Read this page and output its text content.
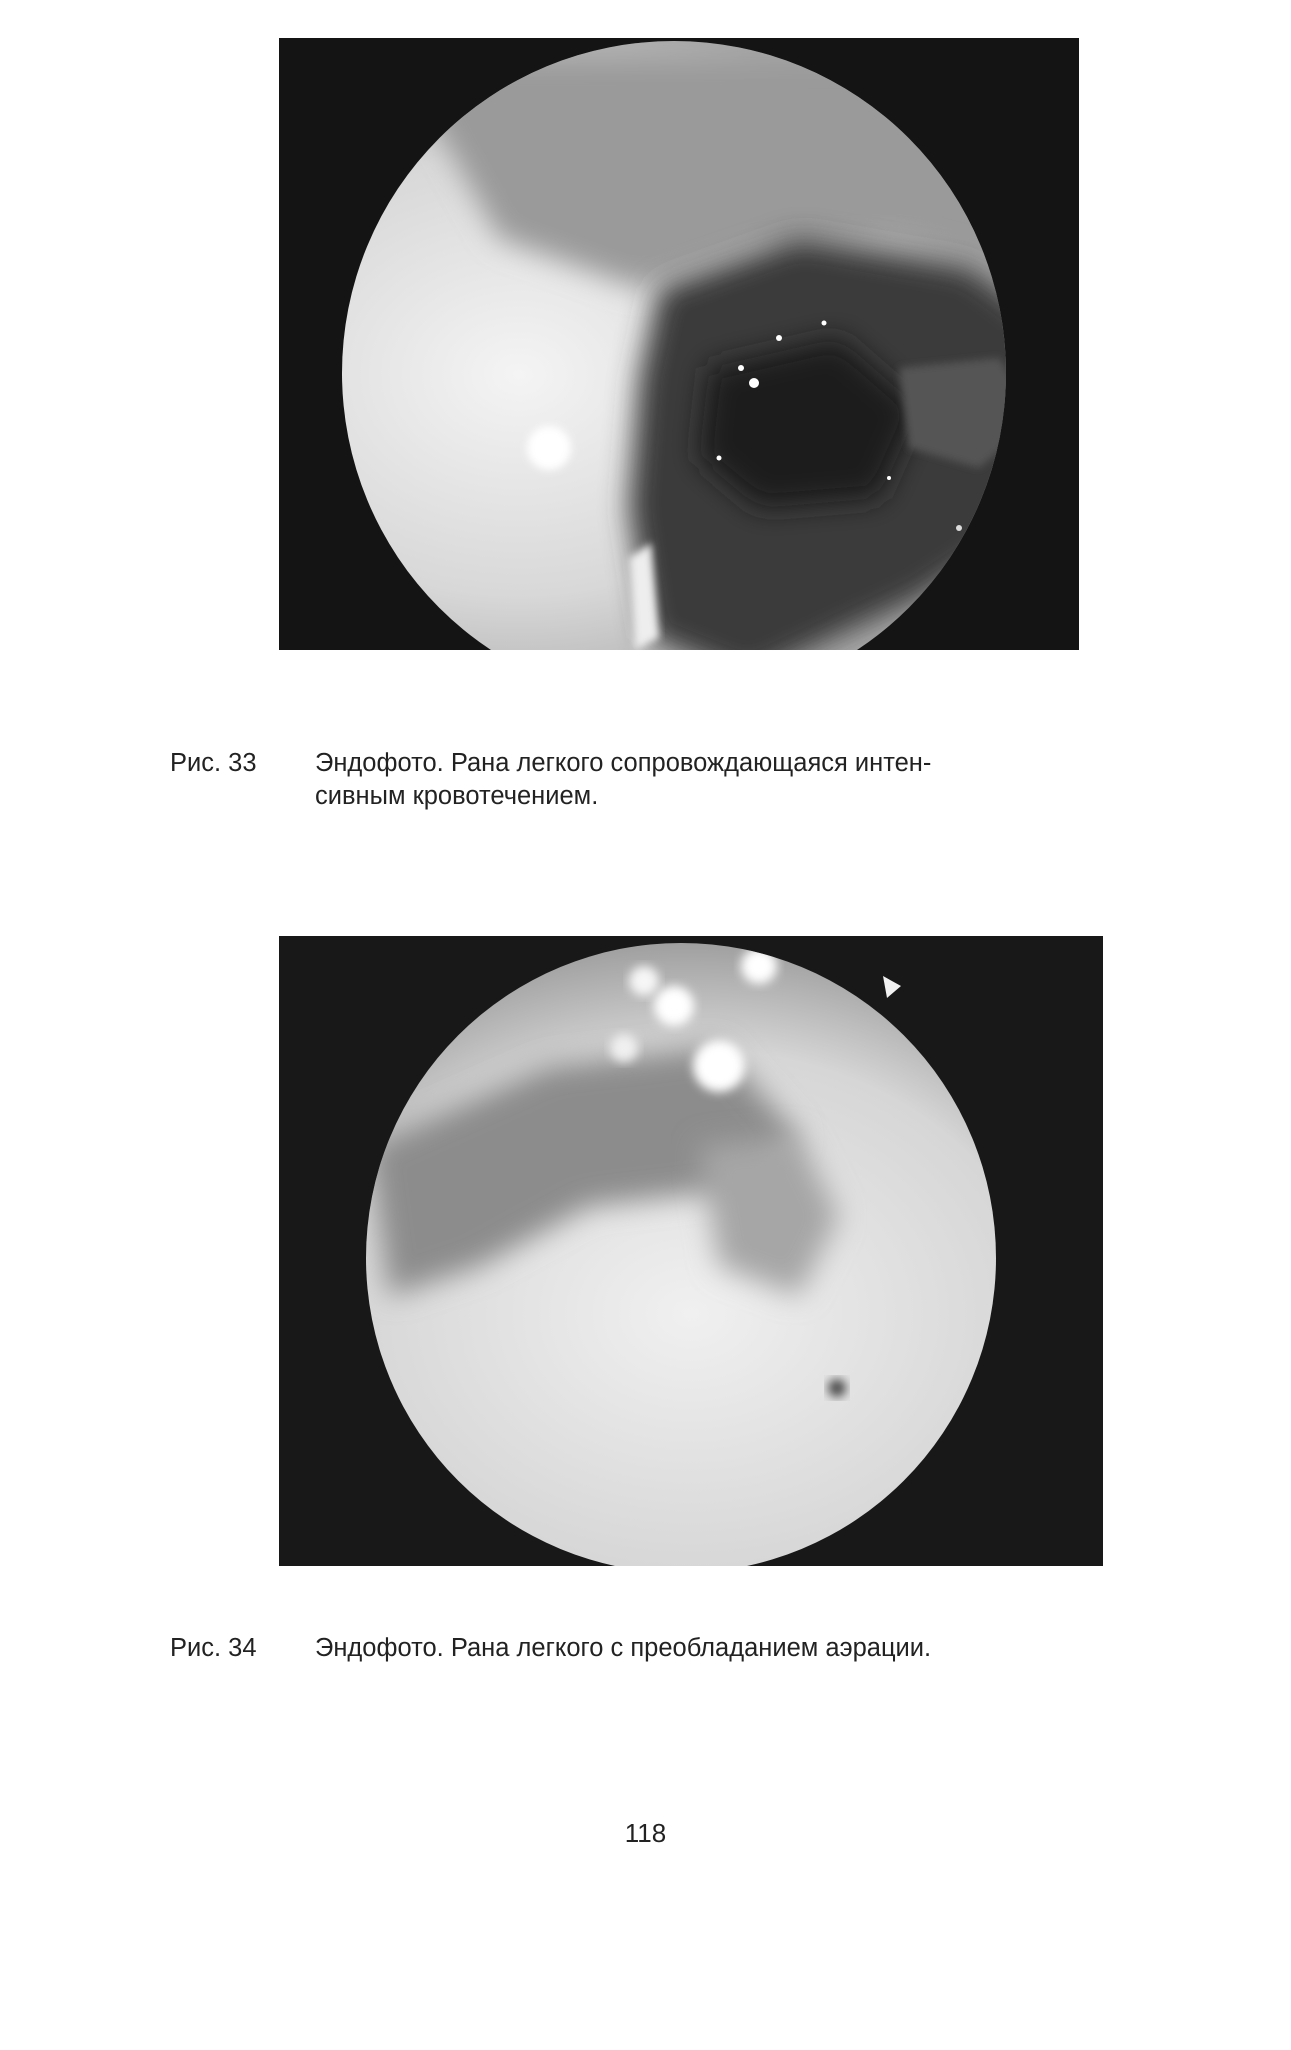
Рис. 33 Эндофото. Рана легкого сопровождающаяся интен-
сивным кровотечением.
Рис. 34 Эндофото. Рана легкого с преобладанием аэрации.
118
